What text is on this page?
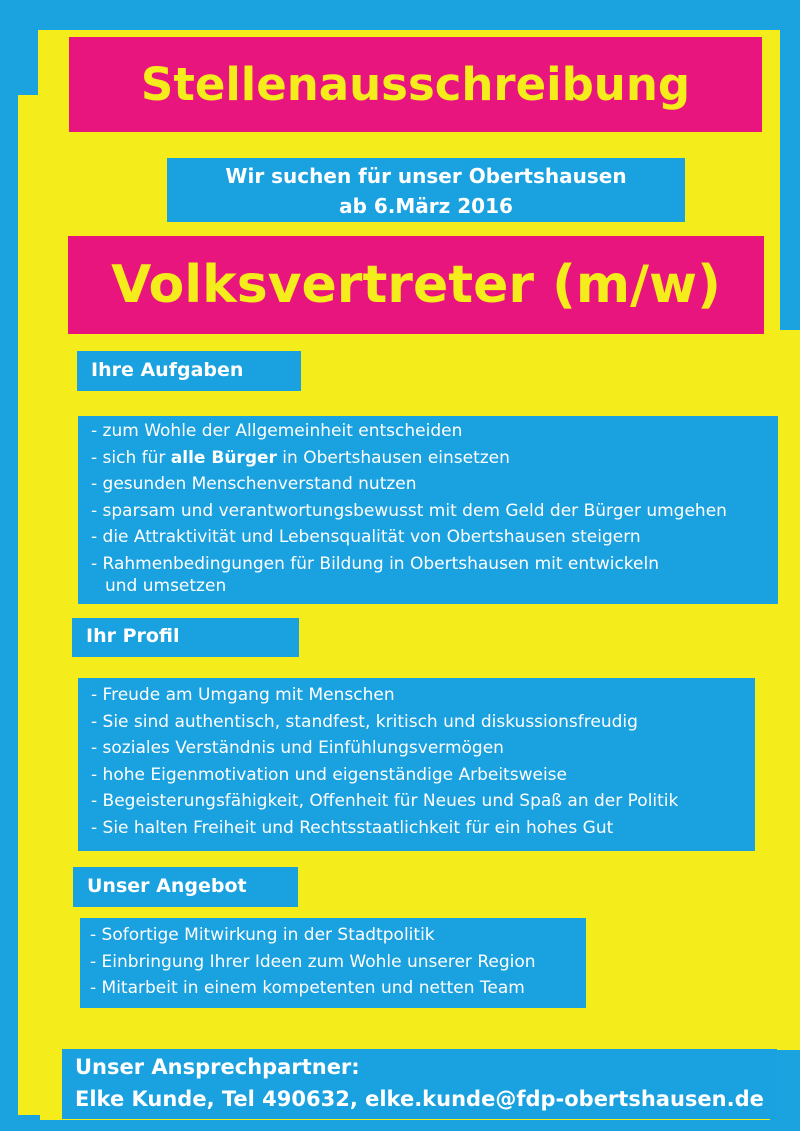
Stellenausschreibung
Wir suchen für unser Obertshausen
ab 6.März 2016
Volksvertreter (m/w)
Ihre Aufgaben
- zum Wohle der Allgemeinheit entscheiden
- sich für alle Bürger in Obertshausen einsetzen
- gesunden Menschenverstand nutzen
- sparsam und verantwortungsbewusst mit dem Geld der Bürger umgehen
- die Attraktivität und Lebensqualität von Obertshausen steigern
- Rahmenbedingungen für Bildung in Obertshausen mit entwickeln
und umsetzen
Ihr Profil
- Freude am Umgang mit Menschen
- Sie sind authentisch, standfest, kritisch und diskussionsfreudig
- soziales Verständnis und Einfühlungsvermögen
- hohe Eigenmotivation und eigenständige Arbeitsweise
- Begeisterungsfähigkeit, Offenheit für Neues und Spaß an der Politik
- Sie halten Freiheit und Rechtsstaatlichkeit für ein hohes Gut
Unser Angebot
- Sofortige Mitwirkung in der Stadtpolitik
- Einbringung Ihrer Ideen zum Wohle unserer Region
- Mitarbeit in einem kompetenten und netten Team
Unser Ansprechpartner:
Elke Kunde, Tel 490632, elke.kunde@fdp-obertshausen.de
